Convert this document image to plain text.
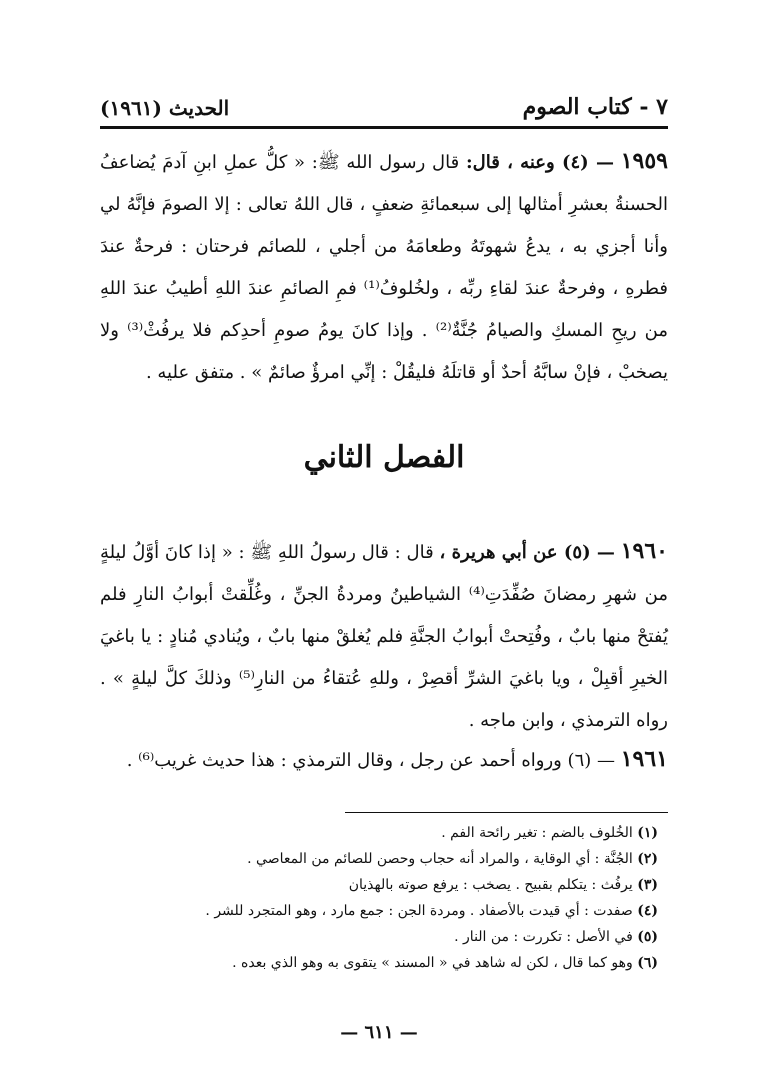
٧ - كتاب الصوم
الحديث (١٩٦١)
١٩٥٩ — (٤) وعنه ، قال: قال رسول الله ﷺ: « كلُّ عملِ ابنِ آدمَ يُضاعفُ الحسنةُ بعشرِ أمثالها إلى سبعمائةِ ضعفٍ ، قال اللهُ تعالى : إلا الصومَ فإنَّهُ لي وأنا أجزي به ، يدعُ شهوتَهُ وطعامَهُ من أجلي ، للصائم فرحتان : فرحةٌ عندَ فطرهِ ، وفرحةٌ عندَ لقاءِ ربِّه ، ولخُلوفُ⁽¹⁾ فمِ الصائمِ عندَ اللهِ أطيبُ عندَ اللهِ من ريحِ المسكِ والصيامُ جُنَّةٌ⁽²⁾ . وإذا كانَ يومُ صومِ أحدِكم فلا يرفُثْ⁽³⁾ ولا يصخبْ ، فإنْ سابَّهُ أحدٌ أو قاتلَهُ فليقُلْ : إنِّي امرؤٌ صائمٌ » . متفق عليه .
الفصل الثاني
١٩٦٠ — (٥) عن أبي هريرة ، قال : قال رسولُ اللهِ ﷺ : « إذا كانَ أوَّلُ ليلةٍ من شهرِ رمضانَ صُفِّدَتِ⁽⁴⁾ الشياطينُ ومردةُ الجنِّ ، وغُلِّقتْ أبوابُ النارِ فلم يُفتحْ منها بابٌ ، وفُتِحتْ أبوابُ الجنَّةِ فلم يُغلقْ منها بابٌ ، ويُنادي مُنادٍ : يا باغيَ الخيرِ أقبِلْ ، ويا باغيَ الشرِّ أقصِرْ ، وللهِ عُتقاءُ من النارِ⁽⁵⁾ وذلكَ كلَّ ليلةٍ » . رواه الترمذي ، وابن ماجه .
١٩٦١ — (٦) ورواه أحمد عن رجل ، وقال الترمذي : هذا حديث غريب⁽⁶⁾ .
(١) الخُلوف بالضم : تغير رائحة الفم .
(٢) الجُنَّة : أي الوقاية ، والمراد أنه حجاب وحصن للصائم من المعاصي .
(٣) يرفُث : يتكلم بقبيح . يصخب : يرفع صوته بالهذيان
(٤) صفدت : أي قيدت بالأصفاد . ومردة الجن : جمع مارد ، وهو المتجرد للشر .
(٥) في الأصل : تكررت : من النار .
(٦) وهو كما قال ، لكن له شاهد في « المسند » يتقوى به وهو الذي بعده .
— ٦١١ —
